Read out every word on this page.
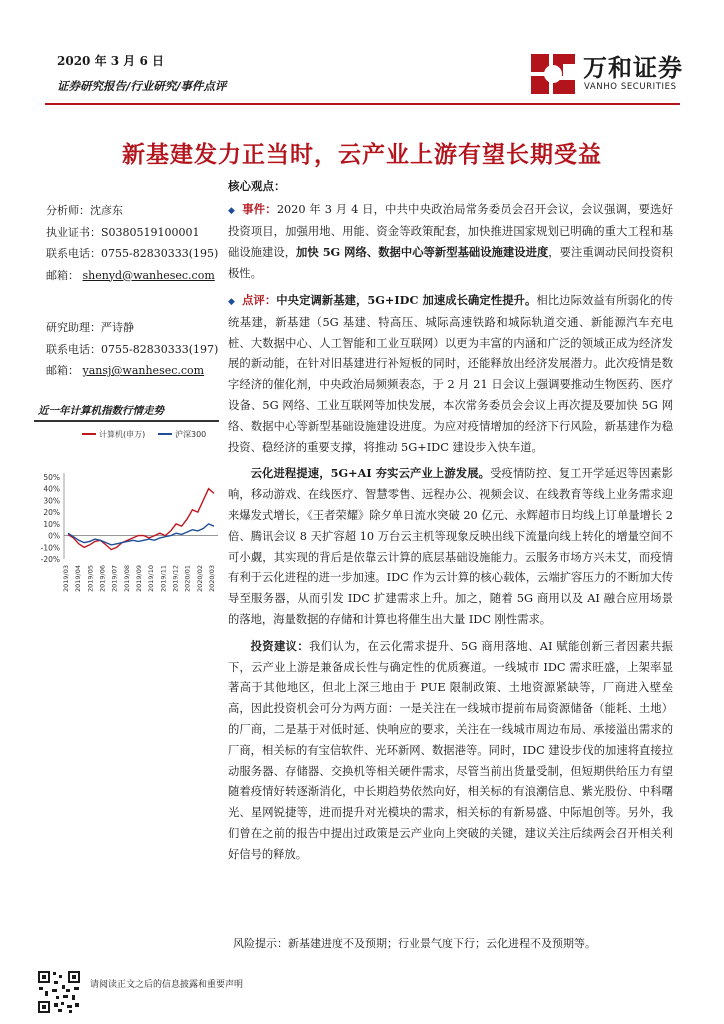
2020 年 3 月 6 日
证券研究报告/行业研究/事件点评
万和证券
VANHO SECURITIES
新基建发力正当时，云产业上游有望长期受益
分析师：沈彦东
执业证书：S0380519100001
联系电话：0755-82830333(195)
邮箱： shenyd@wanhesec.com
研究助理：严诗静
联系电话：0755-82830333(197)
邮箱： yansj@wanhesec.com
近一年计算机指数行情走势
计算机(申万)	沪深300
50%
40%
30%
20%
10%
0%
-10%
-20%
2019/03 2019/04 2019/05 2019/06 2019/07 2019/08 2019/09 2019/10 2019/11 2019/12 2020/01 2020/02 2020/03
核心观点：

◆ 事件：2020 年 3 月 4 日，中共中央政治局常务委员会召开会议，会议强调，要选好投资项目，加强用地、用能、资金等政策配套，加快推进国家规划已明确的重大工程和基础设施建设，加快 5G 网络、数据中心等新型基础设施建设进度，要注重调动民间投资积极性。

◆ 点评：中央定调新基建，5G+IDC 加速成长确定性提升。相比边际效益有所弱化的传统基建，新基建（5G 基建、特高压、城际高速铁路和城际轨道交通、新能源汽车充电桩、大数据中心、人工智能和工业互联网）以更为丰富的内涵和广泛的领域正成为经济发展的新动能，在针对旧基建进行补短板的同时，还能释放出经济发展潜力。此次疫情是数字经济的催化剂，中央政治局频频表态，于 2 月 21 日会议上强调要推动生物医药、医疗设备、5G 网络、工业互联网等加快发展，本次常务委员会会议上再次提及要加快 5G 网络、数据中心等新型基础设施建设进度。为应对疫情增加的经济下行风险，新基建作为稳投资、稳经济的重要支撑，将推动 5G+IDC 建设步入快车道。

云化进程提速，5G+AI 夯实云产业上游发展。受疫情防控、复工开学延迟等因素影响，移动游戏、在线医疗、智慧零售、远程办公、视频会议、在线教育等线上业务需求迎来爆发式增长，《王者荣耀》除夕单日流水突破 20 亿元、永辉超市日均线上订单量增长 2 倍、腾讯会议 8 天扩容超 10 万台云主机等现象反映出线下流量向线上转化的增量空间不可小觑，其实现的背后是依靠云计算的底层基础设施能力。云服务市场方兴未艾，而疫情有利于云化进程的进一步加速。IDC 作为云计算的核心载体，云端扩容压力的不断加大传导至服务器，从而引发 IDC 扩建需求上升。加之，随着 5G 商用以及 AI 融合应用场景的落地，海量数据的存储和计算也将催生出大量 IDC 刚性需求。

投资建议：我们认为，在云化需求提升、5G 商用落地、AI 赋能创新三者因素共振下，云产业上游是兼备成长性与确定性的优质赛道。一线城市 IDC 需求旺盛，上架率显著高于其他地区，但北上深三地由于 PUE 限制政策、土地资源紧缺等，厂商进入壁垒高，因此投资机会可分为两方面：一是关注在一线城市提前布局资源储备（能耗、土地）的厂商，二是基于对低时延、快响应的要求，关注在一线城市周边布局、承接溢出需求的厂商，相关标的有宝信软件、光环新网、数据港等。同时，IDC 建设步伐的加速将直接拉动服务器、存储器、交换机等相关硬件需求，尽管当前出货量受制，但短期供给压力有望随着疫情好转逐渐消化，中长期趋势依然向好，相关标的有浪潮信息、紫光股份、中科曙光、星网锐捷等，进而提升对光模块的需求，相关标的有新易盛、中际旭创等。另外，我们曾在之前的报告中提出过政策是云产业向上突破的关键，建议关注后续两会召开相关利好信号的释放。

风险提示：新基建进度不及预期；行业景气度下行；云化进程不及预期等。
请阅读正文之后的信息披露和重要声明
